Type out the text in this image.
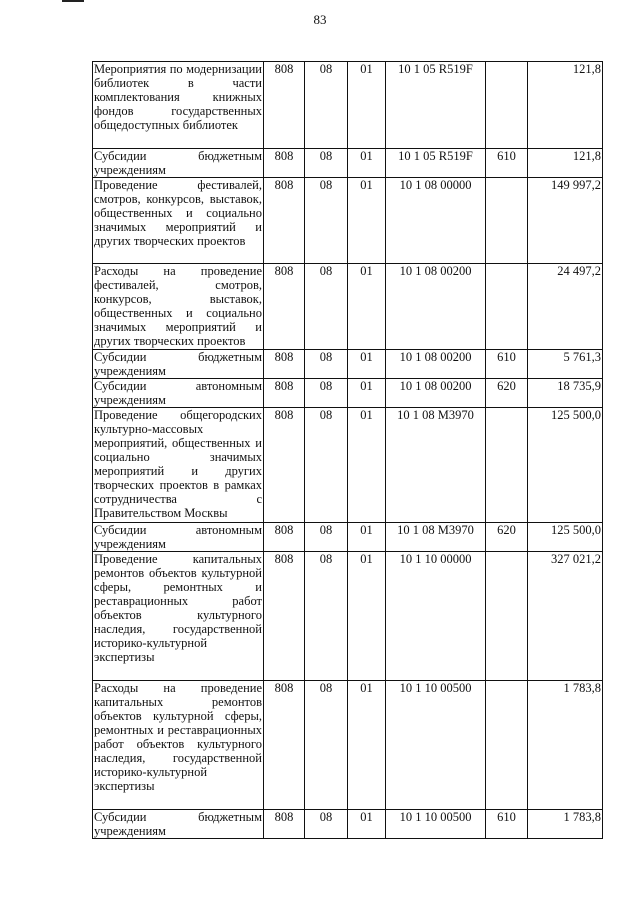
83
Мероприятия по модернизации библиотек в части комплектования книжных фондов государственных общедоступных библиотек	808	08	01	10 1 05 R519F		121,8
Субсидии бюджетным учреждениям	808	08	01	10 1 05 R519F	610	121,8
Проведение фестивалей, смотров, конкурсов, выставок, общественных и социально значимых мероприятий и других творческих проектов	808	08	01	10 1 08 00000		149 997,2
Расходы на проведение фестивалей, смотров, конкурсов, выставок, общественных и социально значимых мероприятий и других творческих проектов	808	08	01	10 1 08 00200		24 497,2
Субсидии бюджетным учреждениям	808	08	01	10 1 08 00200	610	5 761,3
Субсидии автономным учреждениям	808	08	01	10 1 08 00200	620	18 735,9
Проведение общегородских культурно-массовых мероприятий, общественных и социально значимых мероприятий и других творческих проектов в рамках сотрудничества с Правительством Москвы	808	08	01	10 1 08 М3970		125 500,0
Субсидии автономным учреждениям	808	08	01	10 1 08 М3970	620	125 500,0
Проведение капитальных ремонтов объектов культурной сферы, ремонтных и реставрационных работ объектов культурного наследия, государственной историко-культурной экспертизы	808	08	01	10 1 10 00000		327 021,2
Расходы на проведение капитальных ремонтов объектов культурной сферы, ремонтных и реставрационных работ объектов культурного наследия, государственной историко-культурной экспертизы	808	08	01	10 1 10 00500		1 783,8
Субсидии бюджетным учреждениям	808	08	01	10 1 10 00500	610	1 783,8
